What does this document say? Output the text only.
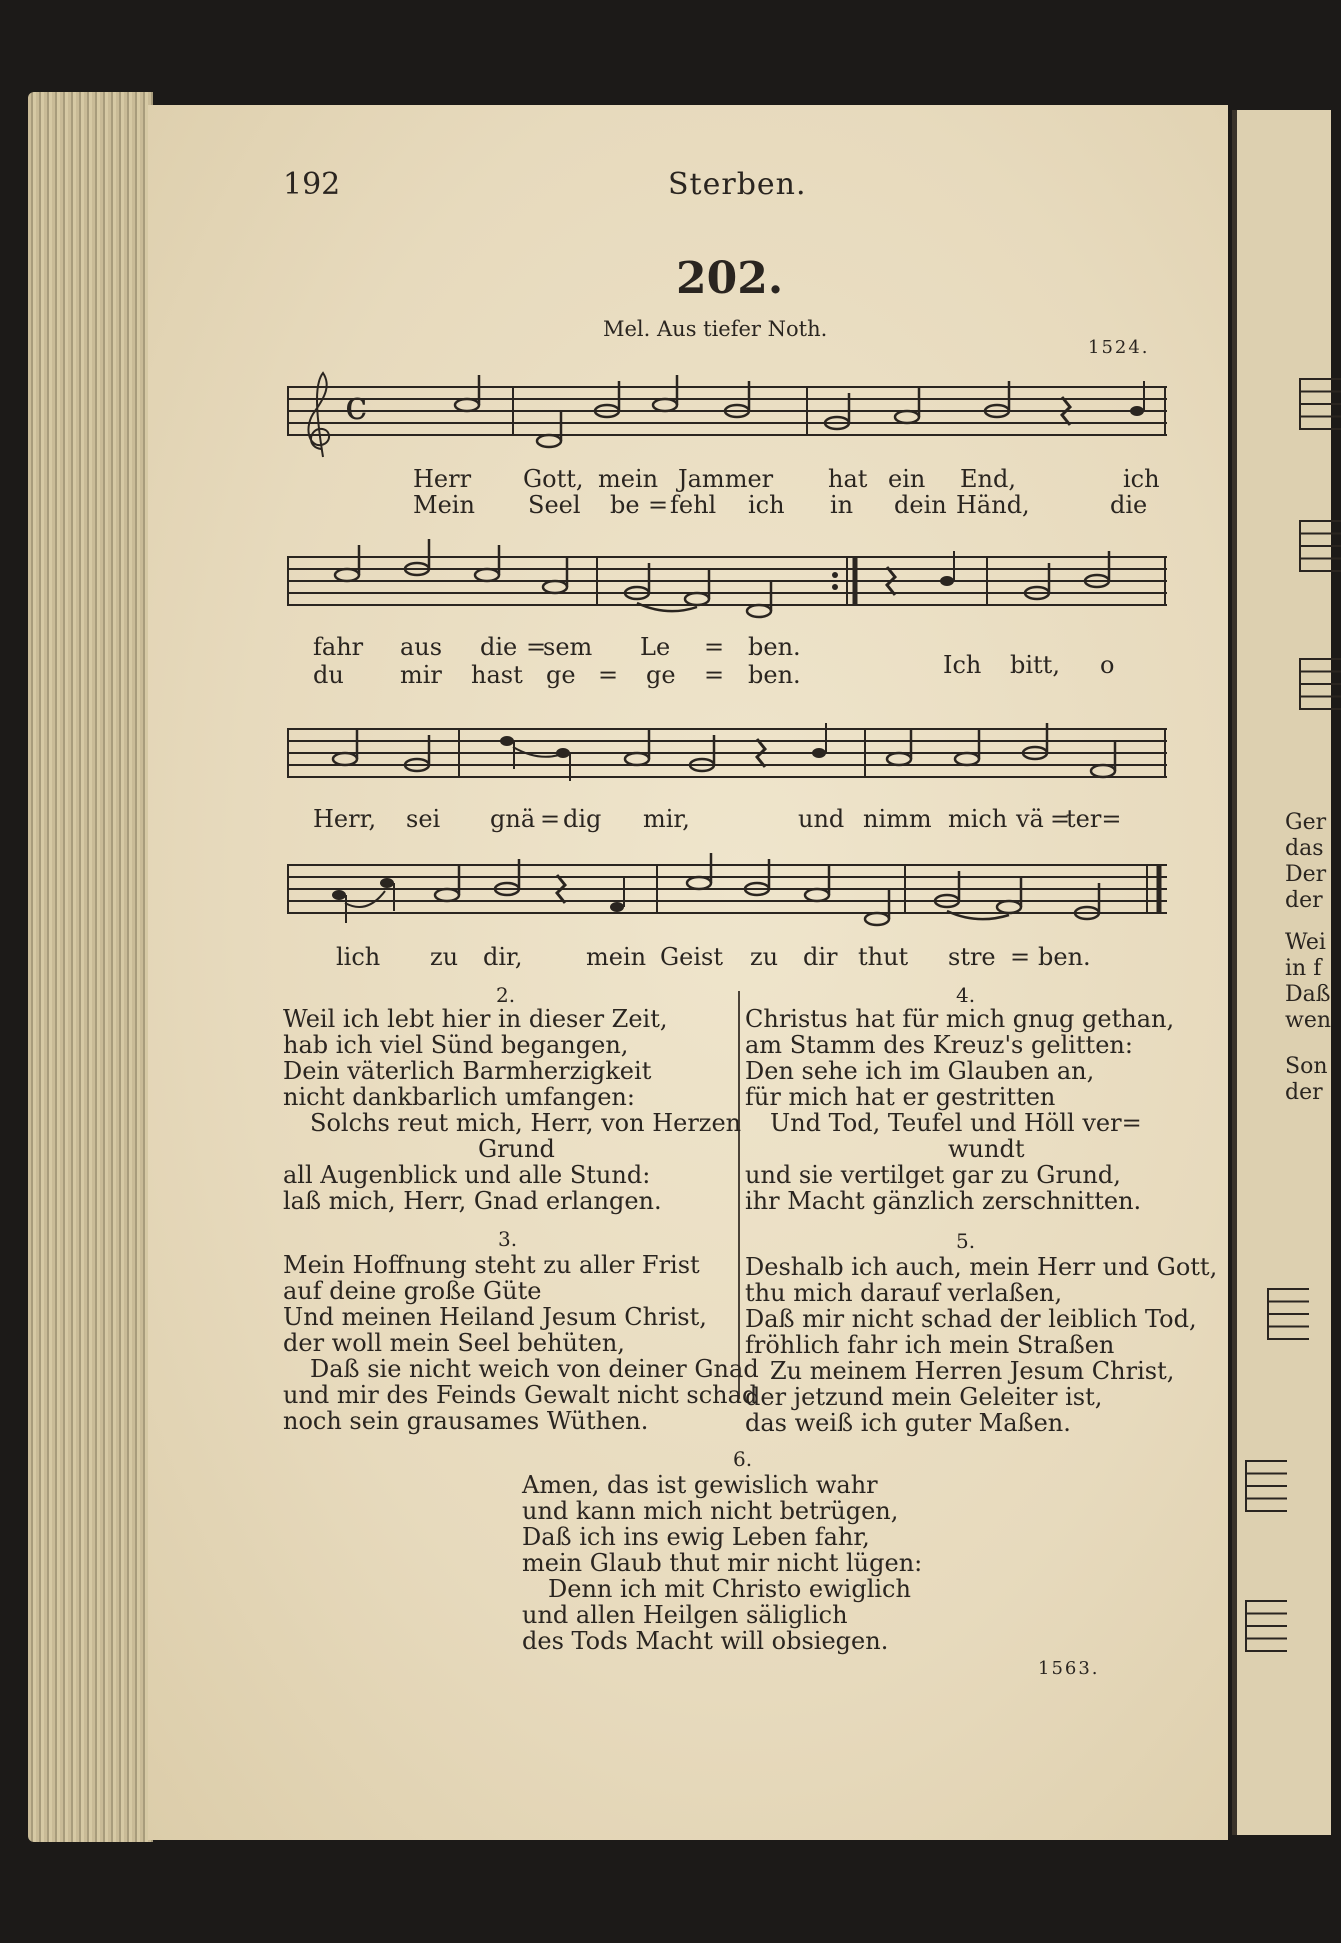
Ger
das
Der
der
Wei
in f
Daß
wen
Son
der
192	Sterben.
202.
Mel. Aus tiefer Noth.
1524.
c
Herr Gott, mein Jammer hat ein End,	ich
Mein Seel be = fehl ich in dein Händ,	die
fahr aus die =
sem Le = ben.
du mir hast ge = ge = ben.	Ich bitt, o
Herr, sei gnä = dig mir,	und nimm mich vä =
ter=
lich zu dir,	mein Geist zu dir thut stre = ben.
2.
Weil ich lebt hier in dieser Zeit,
hab ich viel Sünd begangen,
Dein väterlich Barmherzigkeit
nicht dankbarlich umfangen:
Solchs reut mich, Herr, von Herzen
Grund
all Augenblick und alle Stund:
laß mich, Herr, Gnad erlangen.
3.
Mein Hoffnung steht zu aller Frist
auf deine große Güte
Und meinen Heiland Jesum Christ,
der woll mein Seel behüten,
Daß sie nicht weich von deiner Gnad
und mir des Feinds Gewalt nicht schad
noch sein grausames Wüthen.
4.
Christus hat für mich gnug gethan,
am Stamm des Kreuz's gelitten:
Den sehe ich im Glauben an,
für mich hat er gestritten
Und Tod, Teufel und Höll ver=
wundt
und sie vertilget gar zu Grund,
ihr Macht gänzlich zerschnitten.
5.
Deshalb ich auch, mein Herr und Gott,
thu mich darauf verlaßen,
Daß mir nicht schad der leiblich Tod,
fröhlich fahr ich mein Straßen
Zu meinem Herren Jesum Christ,
der jetzund mein Geleiter ist,
das weiß ich guter Maßen.
6.
Amen, das ist gewislich wahr
und kann mich nicht betrügen,
Daß ich ins ewig Leben fahr,
mein Glaub thut mir nicht lügen:
Denn ich mit Christo ewiglich
und allen Heilgen säliglich
des Tods Macht will obsiegen.
1563.
